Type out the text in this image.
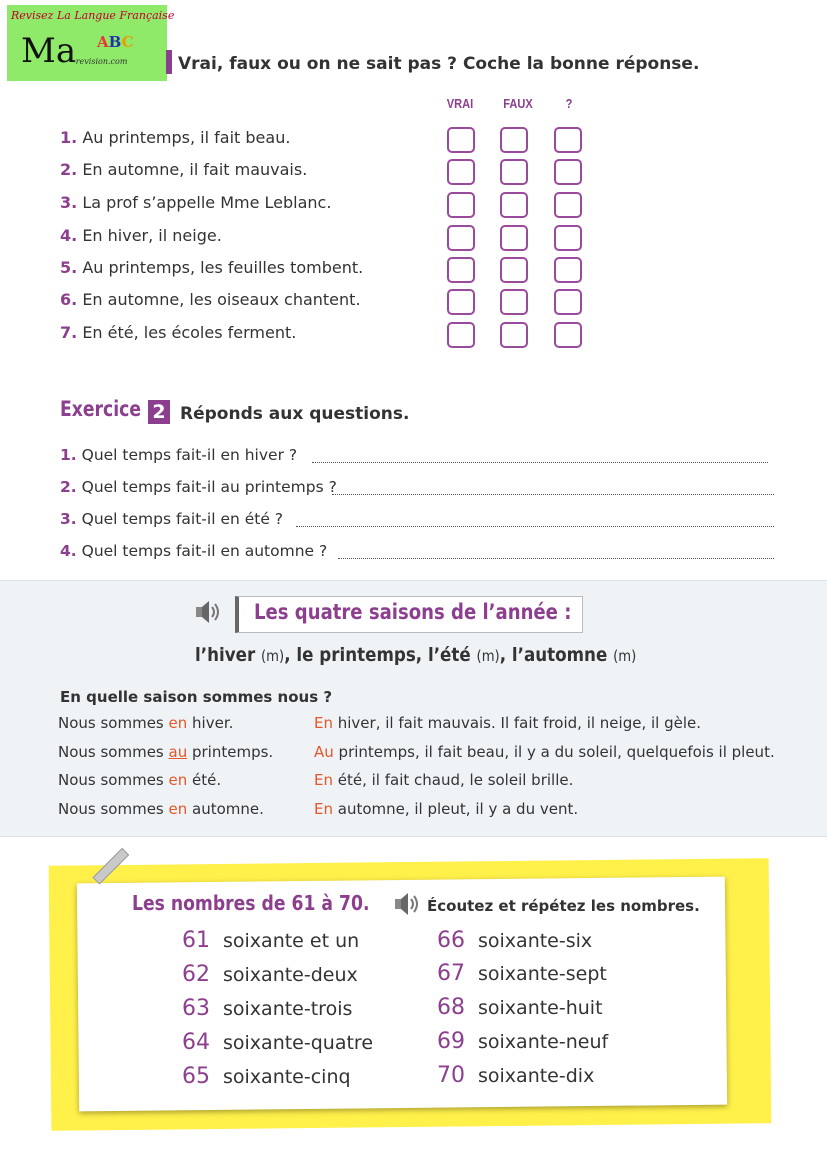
Revisez La Langue Française
Ma ABC
-revision.com	Vrai, faux ou on ne sait pas ? Coche la bonne réponse.
VRAI FAUX	?
1. Au printemps, il fait beau.
2. En automne, il fait mauvais.
3. La prof s’appelle Mme Leblanc.
4. En hiver, il neige.
5. Au printemps, les feuilles tombent.
6. En automne, les oiseaux chantent.
7. En été, les écoles ferment.
Exercice 2 Réponds aux questions.
1. Quel temps fait-il en hiver ?
2. Quel temps fait-il au printemps ?
3. Quel temps fait-il en été ?
4. Quel temps fait-il en automne ?
Les quatre saisons de l’année :
l’hiver (m), le printemps, l’été (m), l’automne (m)
En quelle saison sommes nous ?
Nous sommes en hiver.	En hiver, il fait mauvais. Il fait froid, il neige, il gèle.
Nous sommes au printemps.	Au printemps, il fait beau, il y a du soleil, quelquefois il pleut.
Nous sommes en été.	En été, il fait chaud, le soleil brille.
Nous sommes en automne.	En automne, il pleut, il y a du vent.
Les nombres de 61 à 70.	Écoutez et répétez les nombres.
61 soixante et un
62 soixante-deux
63 soixante-trois
64 soixante-quatre
65 soixante-cinq
66 soixante-six
67 soixante-sept
68 soixante-huit
69 soixante-neuf
70 soixante-dix
